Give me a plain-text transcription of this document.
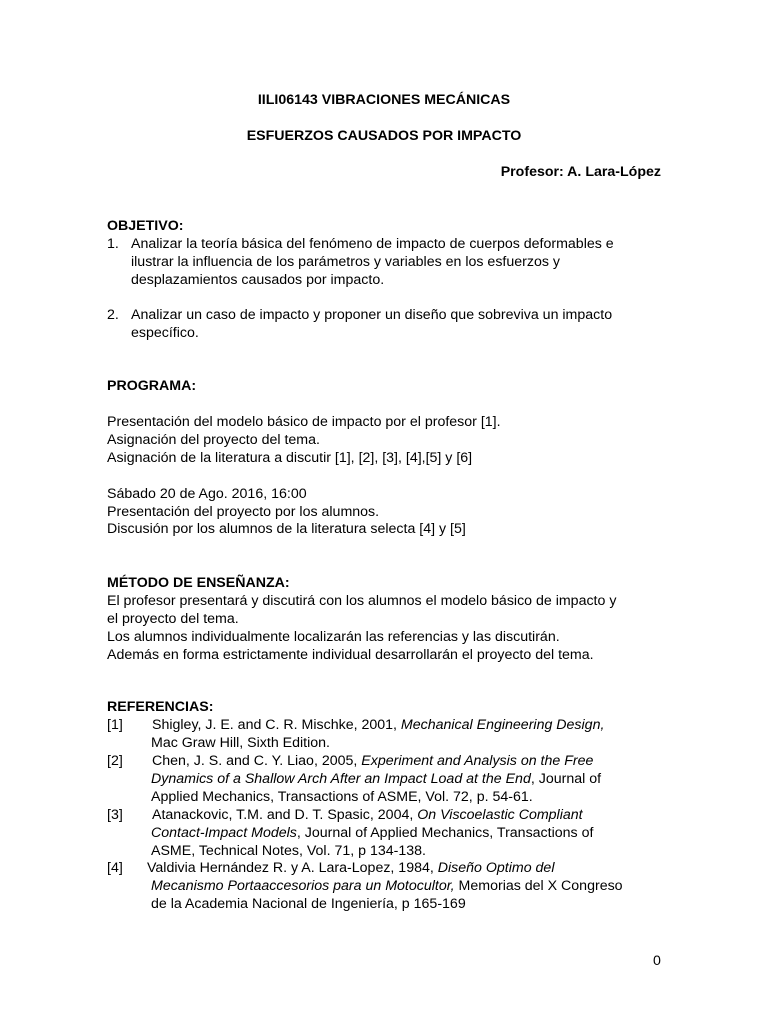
IILI06143 VIBRACIONES MECÁNICAS
ESFUERZOS CAUSADOS POR IMPACTO
Profesor: A. Lara-López
OBJETIVO:
1. Analizar la teoría básica del fenómeno de impacto de cuerpos deformables e
ilustrar la influencia de los parámetros y variables en los esfuerzos y
desplazamientos causados por impacto.
2. Analizar un caso de impacto y proponer un diseño que sobreviva un impacto
específico.
PROGRAMA:
Presentación del modelo básico de impacto por el profesor [1].
Asignación del proyecto del tema.
Asignación de la literatura a discutir [1], [2], [3], [4],[5] y [6]
Sábado 20 de Ago. 2016, 16:00
Presentación del proyecto por los alumnos.
Discusión por los alumnos de la literatura selecta [4] y [5]
MÉTODO DE ENSEÑANZA:
El profesor presentará y discutirá con los alumnos el modelo básico de impacto y
el proyecto del tema.
Los alumnos individualmente localizarán las referencias y las discutirán.
Además en forma estrictamente individual desarrollarán el proyecto del tema.
REFERENCIAS:
[1] Shigley, J. E. and C. R. Mischke, 2001, Mechanical Engineering Design,
Mac Graw Hill, Sixth Edition.
[2] Chen, J. S. and C. Y. Liao, 2005, Experiment and Analysis on the Free
Dynamics of a Shallow Arch After an Impact Load at the End, Journal of
Applied Mechanics, Transactions of ASME, Vol. 72, p. 54-61.
[3] Atanackovic, T.M. and D. T. Spasic, 2004, On Viscoelastic Compliant
Contact-Impact Models, Journal of Applied Mechanics, Transactions of
ASME, Technical Notes, Vol. 71, p 134-138.
[4] Valdivia Hernández R. y A. Lara-Lopez, 1984, Diseño Optimo del
Mecanismo Portaaccesorios para un Motocultor, Memorias del X Congreso
de la Academia Nacional de Ingeniería, p 165-169
0
